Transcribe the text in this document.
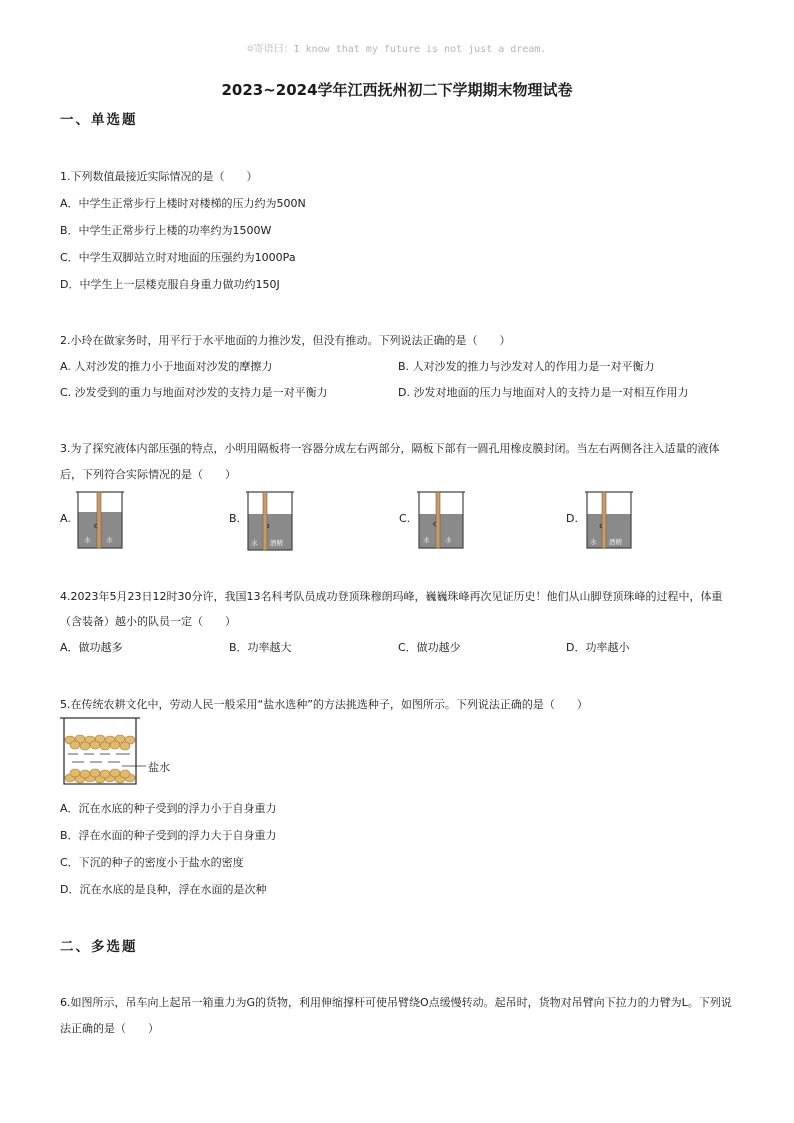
☺寄语曰：I know that my future is not just a dream.
2023~2024学年江西抚州初二下学期期末物理试卷
一、单选题
1.下列数值最接近实际情况的是（　　）
A．中学生正常步行上楼时对楼梯的压力约为500N
B．中学生正常步行上楼的功率约为1500W
C．中学生双脚站立时对地面的压强约为1000Pa
D．中学生上一层楼克服自身重力做功约150J
2.小玲在做家务时，用平行于水平地面的力推沙发，但没有推动。下列说法正确的是（　　）
A. 人对沙发的推力小于地面对沙发的摩擦力	B. 人对沙发的推力与沙发对人的作用力是一对平衡力
C. 沙发受到的重力与地面对沙发的支持力是一对平衡力	D. 沙发对地面的压力与地面对人的支持力是一对相互作用力
3.为了探究液体内部压强的特点，小明用隔板将一容器分成左右两部分，隔板下部有一圆孔用橡皮膜封闭。当左右两侧各注入适量的液体
后，下列符合实际情况的是（　　）
A.
水 水
B.
水 酒精
C.
水 水
D.
水 酒精
4.2023年5月23日12时30分许，我国13名科考队员成功登顶珠穆朗玛峰，巍巍珠峰再次见证历史！他们从山脚登顶珠峰的过程中，体重
（含装备）越小的队员一定（　　）
A．做功越多	B．功率越大	C．做功越少	D．功率越小
5.在传统农耕文化中，劳动人民一般采用“盐水选种”的方法挑选种子，如图所示。下列说法正确的是（　　）
盐水
A．沉在水底的种子受到的浮力小于自身重力
B．浮在水面的种子受到的浮力大于自身重力
C．下沉的种子的密度小于盐水的密度
D．沉在水底的是良种，浮在水面的是次种
二、多选题
6.如图所示，吊车向上起吊一箱重力为G的货物，利用伸缩撑杆可使吊臂绕O点缓慢转动。起吊时，货物对吊臂向下拉力的力臂为L。下列说
法正确的是（　　）
